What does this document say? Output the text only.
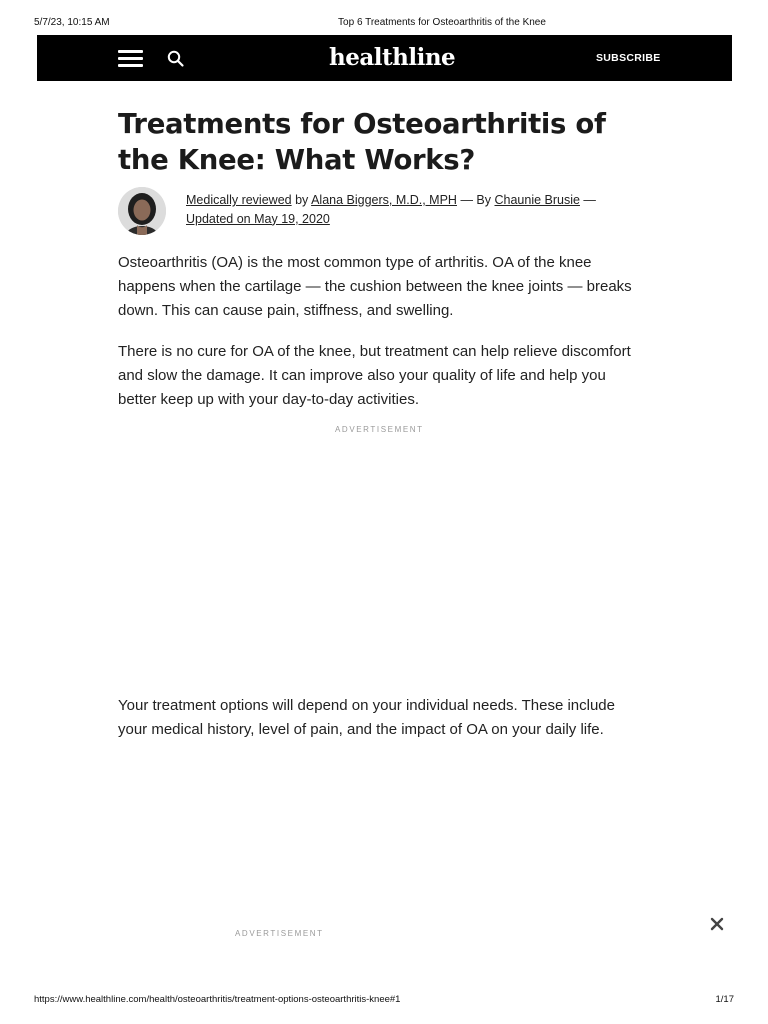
5/7/23, 10:15 AM	Top 6 Treatments for Osteoarthritis of the Knee
healthline	SUBSCRIBE
Treatments for Osteoarthritis of the Knee: What Works?
Medically reviewed by Alana Biggers, M.D., MPH — By Chaunie Brusie —
Updated on May 19, 2020

Osteoarthritis (OA) is the most common type of arthritis. OA of the knee happens when the cartilage — the cushion between the knee joints — breaks down. This can cause pain, stiffness, and swelling.

There is no cure for OA of the knee, but treatment can help relieve discomfort and slow the damage. It can improve also your quality of life and help you better keep up with your day-to-day activities.

ADVERTISEMENT

Your treatment options will depend on your individual needs. These include your medical history, level of pain, and the impact of OA on your daily life.

ADVERTISEMENT
https://www.healthline.com/health/osteoarthritis/treatment-options-osteoarthritis-knee#1	1/17
